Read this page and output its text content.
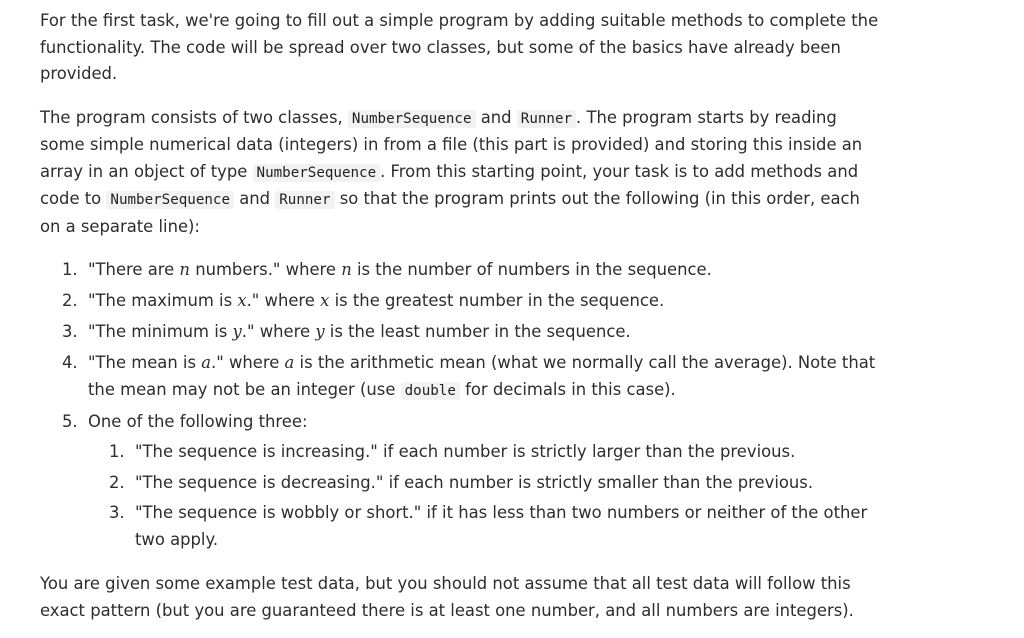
For the first task, we're going to fill out a simple program by adding suitable methods to complete the functionality. The code will be spread over two classes, but some of the basics have already been provided.

The program consists of two classes, NumberSequence and Runner . The program starts by reading some simple numerical data (integers) in from a file (this part is provided) and storing this inside an array in an object of type NumberSequence . From this starting point, your task is to add methods and code to NumberSequence and Runner so that the program prints out the following (in this order, each on a separate line):

1. "There are n numbers." where n is the number of numbers in the sequence.
2. "The maximum is x." where x is the greatest number in the sequence.
3. "The minimum is y." where y is the least number in the sequence.
4. "The mean is a." where a is the arithmetic mean (what we normally call the average). Note that the mean may not be an integer (use double for decimals in this case).
5. One of the following three:
1. "The sequence is increasing." if each number is strictly larger than the previous.
2. "The sequence is decreasing." if each number is strictly smaller than the previous.
3. "The sequence is wobbly or short." if it has less than two numbers or neither of the other two apply.

You are given some example test data, but you should not assume that all test data will follow this exact pattern (but you are guaranteed there is at least one number, and all numbers are integers).
